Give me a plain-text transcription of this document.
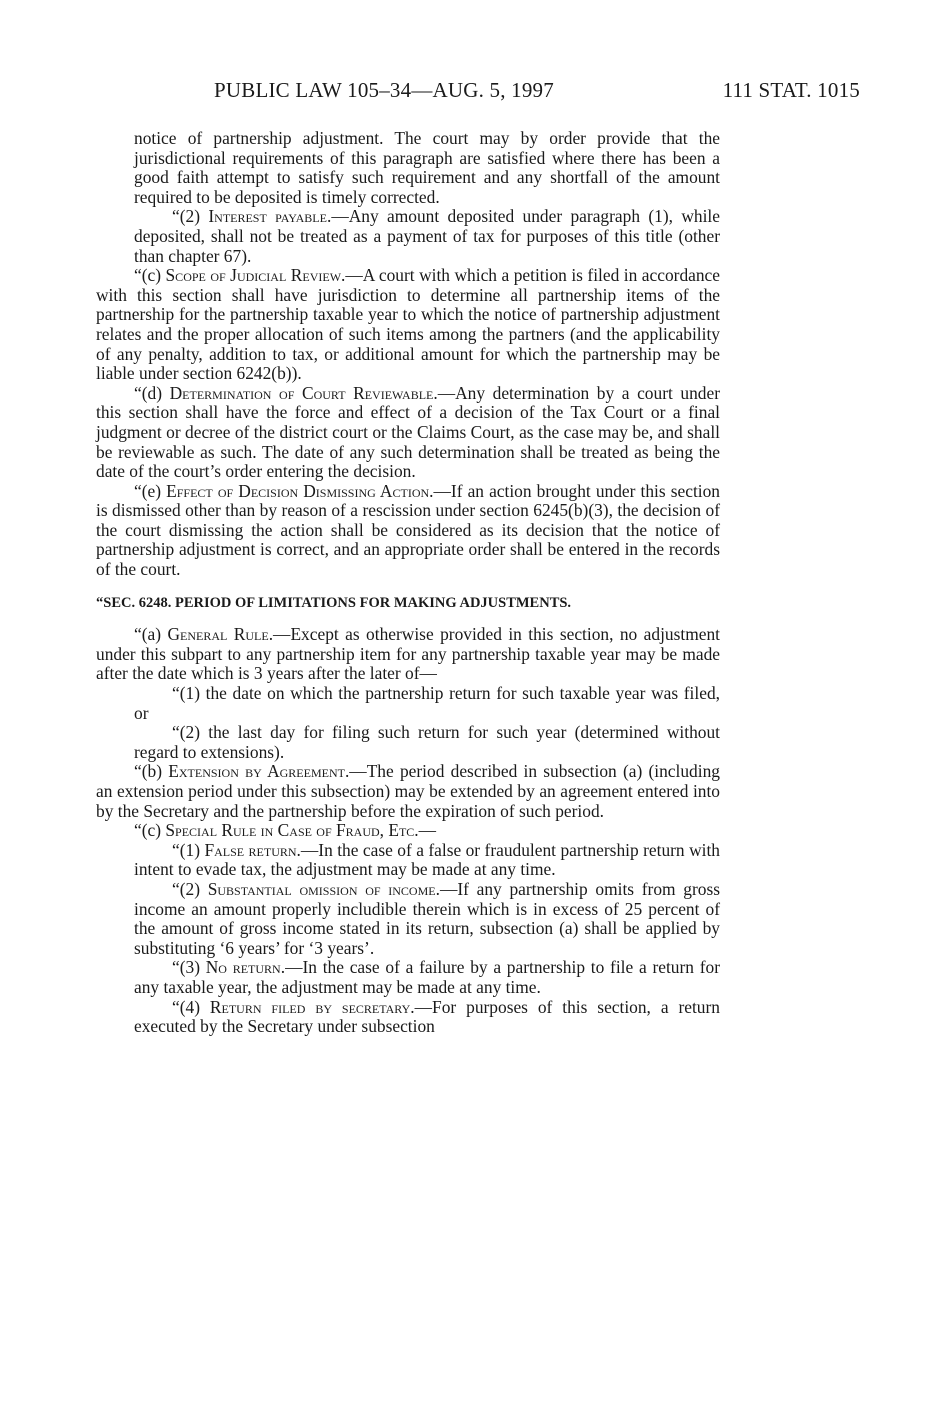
PUBLIC LAW 105–34—AUG. 5, 1997	111 STAT. 1015

notice of partnership adjustment. The court may by order provide that the jurisdictional requirements of this paragraph are satisfied where there has been a good faith attempt to satisfy such requirement and any shortfall of the amount required to be deposited is timely corrected.

“(2) Interest payable.—Any amount deposited under paragraph (1), while deposited, shall not be treated as a payment of tax for purposes of this title (other than chapter 67).

“(c) Scope of Judicial Review.—A court with which a petition is filed in accordance with this section shall have jurisdiction to determine all partnership items of the partnership for the partnership taxable year to which the notice of partnership adjustment relates and the proper allocation of such items among the partners (and the applicability of any penalty, addition to tax, or additional amount for which the partnership may be liable under section 6242(b)).

“(d) Determination of Court Reviewable.—Any determination by a court under this section shall have the force and effect of a decision of the Tax Court or a final judgment or decree of the district court or the Claims Court, as the case may be, and shall be reviewable as such. The date of any such determination shall be treated as being the date of the court’s order entering the decision.

“(e) Effect of Decision Dismissing Action.—If an action brought under this section is dismissed other than by reason of a rescission under section 6245(b)(3), the decision of the court dismissing the action shall be considered as its decision that the notice of partnership adjustment is correct, and an appropriate order shall be entered in the records of the court.

“SEC. 6248. PERIOD OF LIMITATIONS FOR MAKING ADJUSTMENTS.

“(a) General Rule.—Except as otherwise provided in this section, no adjustment under this subpart to any partnership item for any partnership taxable year may be made after the date which is 3 years after the later of—

“(1) the date on which the partnership return for such taxable year was filed, or

“(2) the last day for filing such return for such year (determined without regard to extensions).

“(b) Extension by Agreement.—The period described in subsection (a) (including an extension period under this subsection) may be extended by an agreement entered into by the Secretary and the partnership before the expiration of such period.

“(c) Special Rule in Case of Fraud, Etc.—

“(1) False return.—In the case of a false or fraudulent partnership return with intent to evade tax, the adjustment may be made at any time.

“(2) Substantial omission of income.—If any partnership omits from gross income an amount properly includible therein which is in excess of 25 percent of the amount of gross income stated in its return, subsection (a) shall be applied by substituting ‘6 years’ for ‘3 years’.

“(3) No return.—In the case of a failure by a partnership to file a return for any taxable year, the adjustment may be made at any time.

“(4) Return filed by secretary.—For purposes of this section, a return executed by the Secretary under subsection
